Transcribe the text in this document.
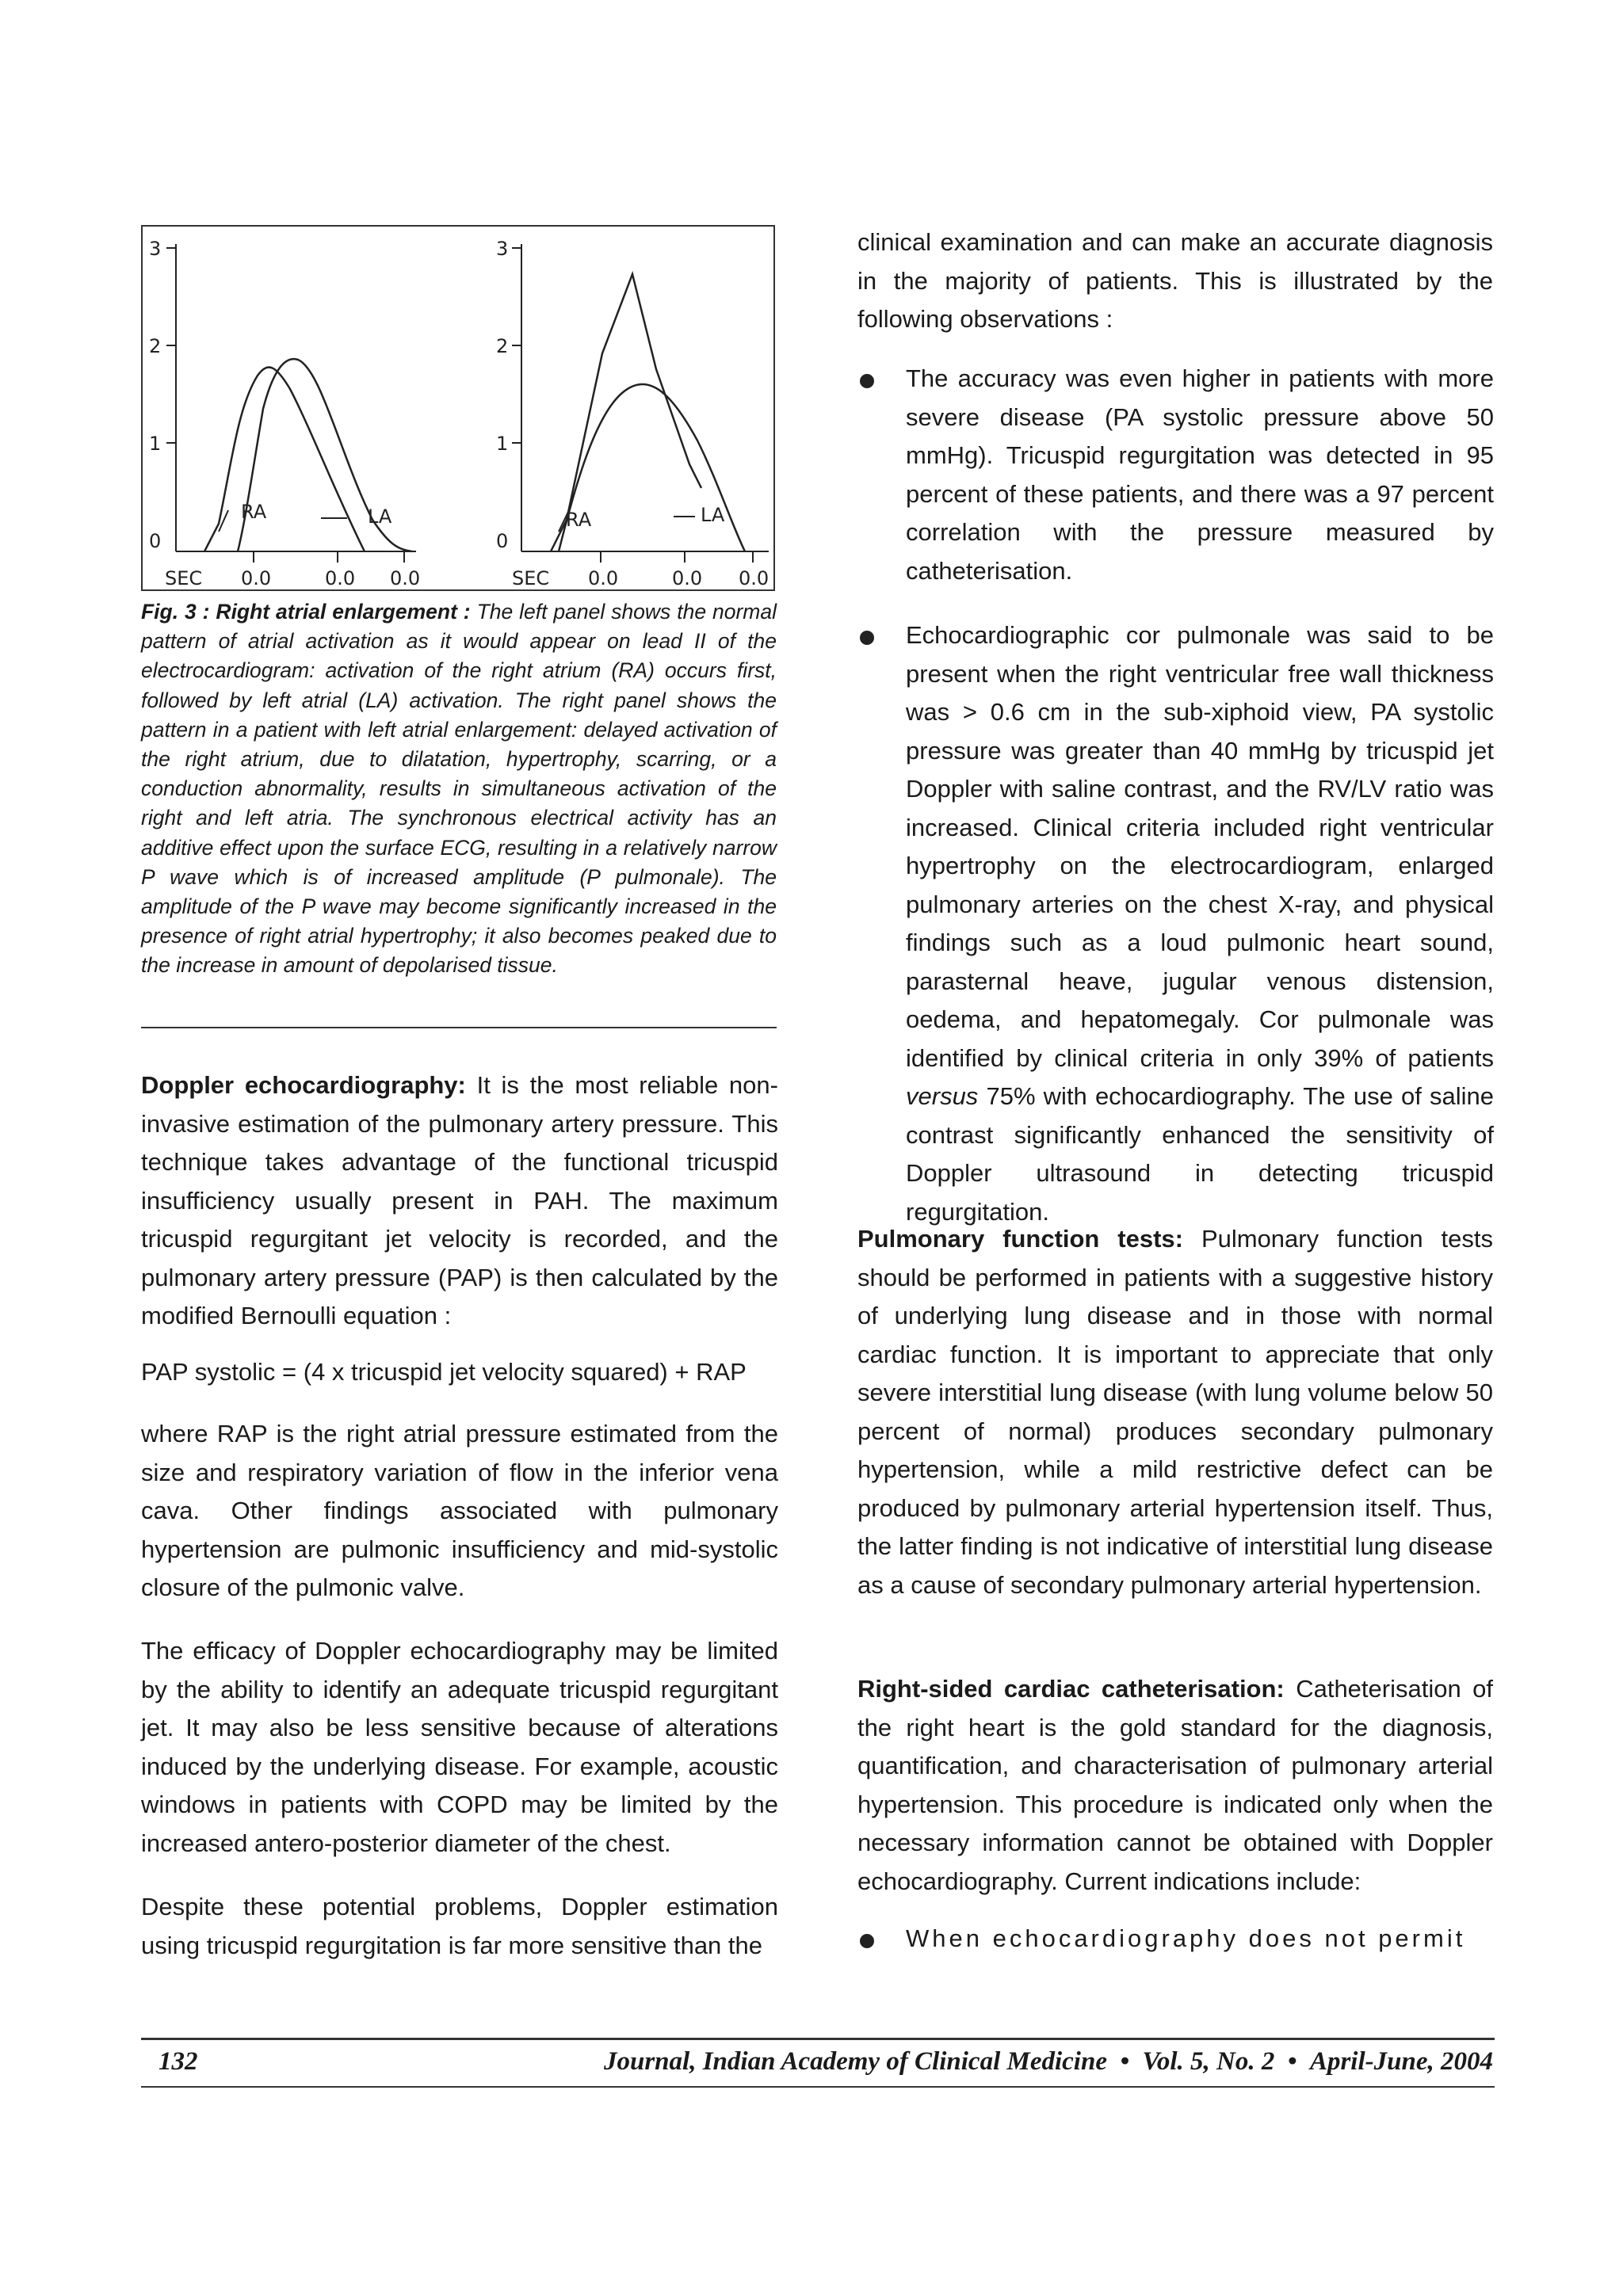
3
2
1
0
SEC 0.0	0.0 0.0
RA	LA
3
2
1
0
SEC 0.0	0.0 0.0
RA	LA

Fig. 3 : Right atrial enlargement : The left panel shows the normal pattern of atrial activation as it would appear on lead II of the electrocardiogram: activation of the right atrium (RA) occurs first, followed by left atrial (LA) activation. The right panel shows the pattern in a patient with left atrial enlargement: delayed activation of the right atrium, due to dilatation, hypertrophy, scarring, or a conduction abnormality, results in simultaneous activation of the right and left atria. The synchronous electrical activity has an additive effect upon the surface ECG, resulting in a relatively narrow P wave which is of increased amplitude (P pulmonale). The amplitude of the P wave may become significantly increased in the presence of right atrial hypertrophy; it also becomes peaked due to the increase in amount of depolarised tissue.

Doppler echocardiography: It is the most reliable non-invasive estimation of the pulmonary artery pressure. This technique takes advantage of the functional tricuspid insufficiency usually present in PAH. The maximum tricuspid regurgitant jet velocity is recorded, and the pulmonary artery pressure (PAP) is then calculated by the modified Bernoulli equation :

PAP systolic = (4 x tricuspid jet velocity squared) + RAP

where RAP is the right atrial pressure estimated from the size and respiratory variation of flow in the inferior vena cava. Other findings associated with pulmonary hypertension are pulmonic insufficiency and mid-systolic closure of the pulmonic valve.

The efficacy of Doppler echocardiography may be limited by the ability to identify an adequate tricuspid regurgitant jet. It may also be less sensitive because of alterations induced by the underlying disease. For example, acoustic windows in patients with COPD may be limited by the increased antero-posterior diameter of the chest.

Despite these potential problems, Doppler estimation using tricuspid regurgitation is far more sensitive than the

clinical examination and can make an accurate diagnosis in the majority of patients. This is illustrated by the following observations :

The accuracy was even higher in patients with more severe disease (PA systolic pressure above 50 mmHg). Tricuspid regurgitation was detected in 95 percent of these patients, and there was a 97 percent correlation with the pressure measured by catheterisation.

Echocardiographic cor pulmonale was said to be present when the right ventricular free wall thickness was > 0.6 cm in the sub-xiphoid view, PA systolic pressure was greater than 40 mmHg by tricuspid jet Doppler with saline contrast, and the RV/LV ratio was increased. Clinical criteria included right ventricular hypertrophy on the electrocardiogram, enlarged pulmonary arteries on the chest X-ray, and physical findings such as a loud pulmonic heart sound, parasternal heave, jugular venous distension, oedema, and hepatomegaly. Cor pulmonale was identified by clinical criteria in only 39% of patients versus 75% with echocardiography. The use of saline contrast significantly enhanced the sensitivity of Doppler ultrasound in detecting tricuspid regurgitation.

Pulmonary function tests: Pulmonary function tests should be performed in patients with a suggestive history of underlying lung disease and in those with normal cardiac function. It is important to appreciate that only severe interstitial lung disease (with lung volume below 50 percent of normal) produces secondary pulmonary hypertension, while a mild restrictive defect can be produced by pulmonary arterial hypertension itself. Thus, the latter finding is not indicative of interstitial lung disease as a cause of secondary pulmonary arterial hypertension.

Right-sided cardiac catheterisation: Catheterisation of the right heart is the gold standard for the diagnosis, quantification, and characterisation of pulmonary arterial hypertension. This procedure is indicated only when the necessary information cannot be obtained with Doppler echocardiography. Current indications include:

When echocardiography does not permit

132	Journal, Indian Academy of Clinical Medicine • Vol. 5, No. 2 • April-June, 2004
